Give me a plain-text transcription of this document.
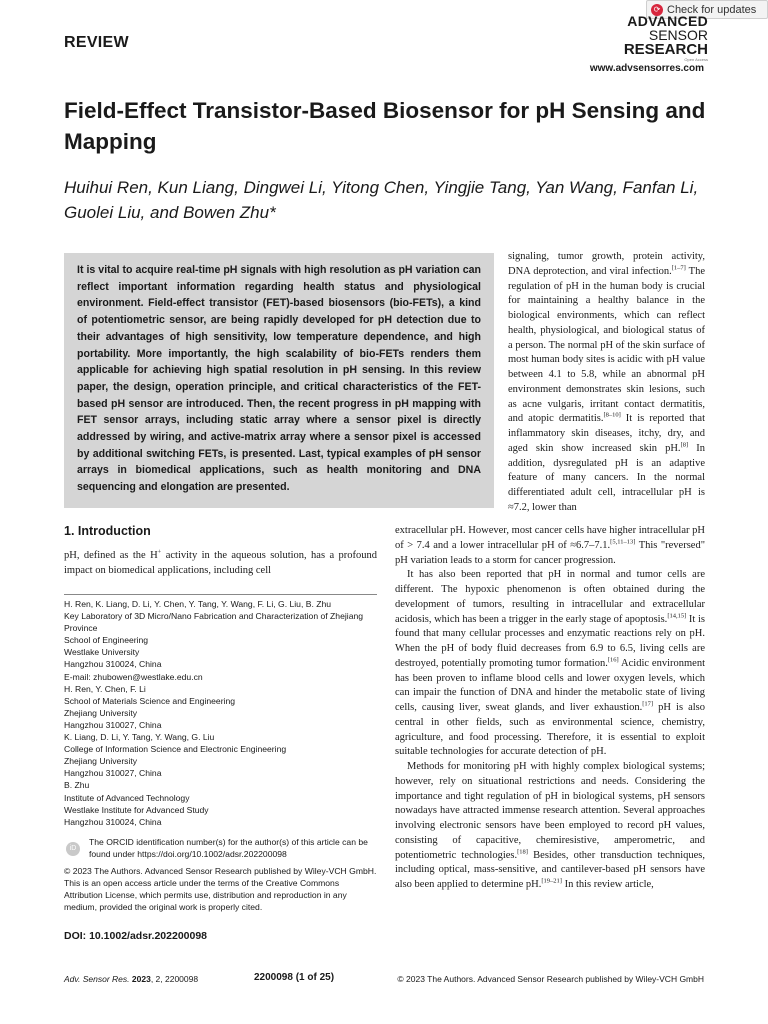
REVIEW
⟳ Check for updates
ADVANCED
SENSOR
RESEARCH
Open Access
www.advsensorres.com
Field-Effect Transistor-Based Biosensor for pH Sensing and Mapping
Huihui Ren, Kun Liang, Dingwei Li, Yitong Chen, Yingjie Tang, Yan Wang, Fanfan Li, Guolei Liu, and Bowen Zhu*
It is vital to acquire real-time pH signals with high resolution as pH variation can reflect important information regarding health status and physiological environment. Field-effect transistor (FET)-based biosensors (bio-FETs), a kind of potentiometric sensor, are being rapidly developed for pH detection due to their advantages of high sensitivity, low temperature dependence, and high portability. More importantly, the high scalability of bio-FETs renders them applicable for achieving high spatial resolution in pH sensing. In this review paper, the design, operation principle, and critical characteristics of the FET-based pH sensor are introduced. Then, the recent progress in pH mapping with FET sensor arrays, including static array where a sensor pixel is directly addressed by wiring, and active-matrix array where a sensor pixel is accessed by additional switching FETs, is presented. Last, typical examples of pH sensor arrays in biomedical applications, such as health monitoring and DNA sequencing and elongation are presented.
signaling, tumor growth, protein activity, DNA deprotection, and viral infection.[1–7] The regulation of pH in the human body is crucial for maintaining a healthy balance in the biological environments, which can reflect health, physiological, and biological status of a person. The normal pH of the skin surface of most human body sites is acidic with pH value between 4.1 to 5.8, while an abnormal pH environment demonstrates skin lesions, such as acne vulgaris, irritant contact dermatitis, and atopic dermatitis.[8–10] It is reported that inflammatory skin diseases, itchy, dry, and aged skin show increased skin pH.[8] In addition, dysregulated pH is an adaptive feature of many cancers. In the normal differentiated adult cell, intracellular pH is ≈7.2, lower than
1. Introduction
pH, defined as the H+ activity in the aqueous solution, has a profound impact on biomedical applications, including cell

extracellular pH. However, most cancer cells have higher intracellular pH of > 7.4 and a lower intracellular pH of ≈6.7–7.1.[5,11–13] This "reversed" pH variation leads to a storm for cancer progression.

It has also been reported that pH in normal and tumor cells are different. The hypoxic phenomenon is often obtained during the development of tumors, resulting in intracellular and extracellular acidosis, which has been a trigger in the early stage of apoptosis.[14,15] It is found that many cellular processes and enzymatic reactions rely on pH. When the pH of body fluid decreases from 6.9 to 6.5, living cells are destroyed, potentially promoting tumor formation.[16] Acidic environment has been proven to inflame blood cells and lower oxygen levels, which can impair the function of DNA and hinder the metabolic state of living cells, causing liver, sweat glands, and liver exhaustion.[17] pH is also central in other fields, such as environmental science, chemistry, agriculture, and food processing. Therefore, it is essential to exploit suitable technologies for accurate detection of pH.

Methods for monitoring pH with highly complex biological systems; however, rely on situational restrictions and needs. Considering the importance and tight regulation of pH in biological systems, pH sensors nowadays have attracted immense research attention. Several approaches involving electronic sensors have been employed to record pH values, consisting of capacitive, chemiresistive, amperometric, and potentiometric technologies.[18] Besides, other transduction techniques, including optical, mass-sensitive, and cantilever-based pH sensors have also been applied to determine pH.[19–21] In this review article,

H. Ren, K. Liang, D. Li, Y. Chen, Y. Tang, Y. Wang, F. Li, G. Liu, B. Zhu
Key Laboratory of 3D Micro/Nano Fabrication and Characterization of Zhejiang Province
School of Engineering
Westlake University
Hangzhou 310024, China
E-mail: zhubowen@westlake.edu.cn
H. Ren, Y. Chen, F. Li
School of Materials Science and Engineering
Zhejiang University
Hangzhou 310027, China
K. Liang, D. Li, Y. Tang, Y. Wang, G. Liu
College of Information Science and Electronic Engineering
Zhejiang University
Hangzhou 310027, China
B. Zhu
Institute of Advanced Technology
Westlake Institute for Advanced Study
Hangzhou 310024, China
iD
The ORCID identification number(s) for the author(s) of this article can be found under https://doi.org/10.1002/adsr.202200098
© 2023 The Authors. Advanced Sensor Research published by Wiley-VCH GmbH. This is an open access article under the terms of the Creative Commons Attribution License, which permits use, distribution and reproduction in any medium, provided the original work is properly cited.
DOI: 10.1002/adsr.202200098
Adv. Sensor Res. 2023, 2, 2200098	2200098 (1 of 25)	© 2023 The Authors. Advanced Sensor Research published by Wiley-VCH GmbH
